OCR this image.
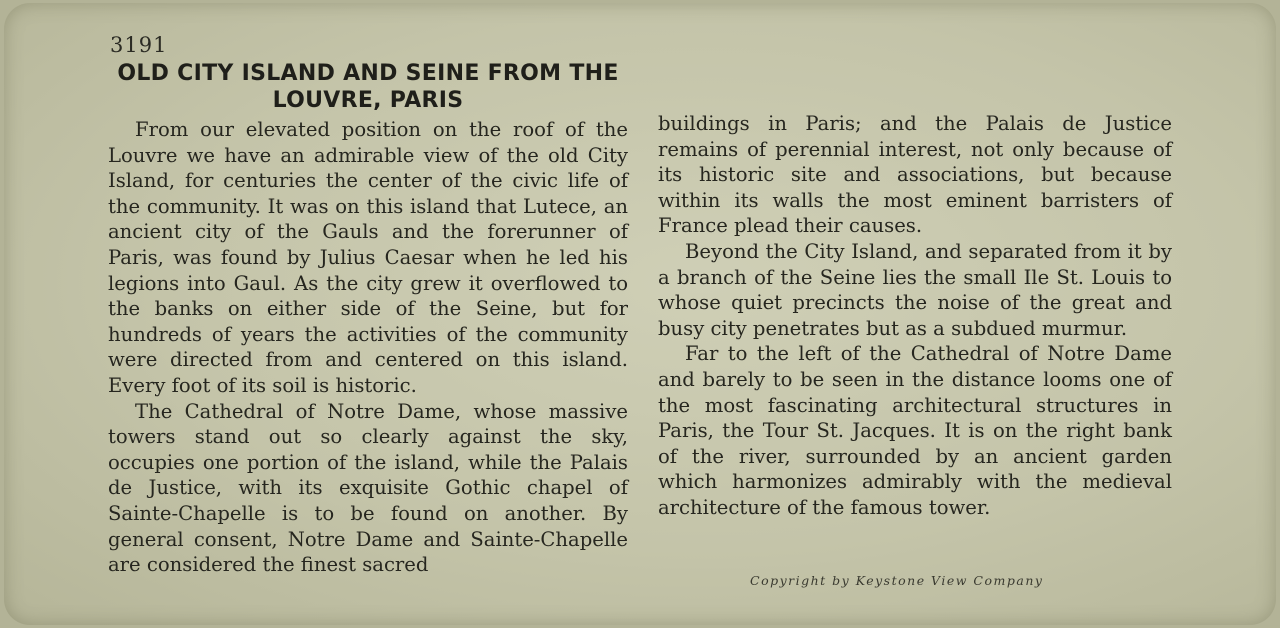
3191
OLD CITY ISLAND AND SEINE FROM THE LOUVRE, PARIS

From our elevated position on the roof of the Louvre we have an admirable view of the old City Island, for centuries the center of the civic life of the community. It was on this island that Lutece, an ancient city of the Gauls and the forerunner of Paris, was found by Julius Caesar when he led his legions into Gaul. As the city grew it overflowed to the banks on either side of the Seine, but for hundreds of years the activities of the community were directed from and centered on this island. Every foot of its soil is historic.

The Cathedral of Notre Dame, whose massive towers stand out so clearly against the sky, occupies one portion of the island, while the Palais de Justice, with its exquisite Gothic chapel of Sainte-Chapelle is to be found on another. By general consent, Notre Dame and Sainte-Chapelle are considered the finest sacred

buildings in Paris; and the Palais de Justice remains of perennial interest, not only because of its historic site and associations, but because within its walls the most eminent barristers of France plead their causes.

Beyond the City Island, and separated from it by a branch of the Seine lies the small Ile St. Louis to whose quiet precincts the noise of the great and busy city penetrates but as a subdued murmur.

Far to the left of the Cathedral of Notre Dame and barely to be seen in the distance looms one of the most fascinating architectural structures in Paris, the Tour St. Jacques. It is on the right bank of the river, surrounded by an ancient garden which harmonizes admirably with the medieval architecture of the famous tower.

Copyright by Keystone View Company
